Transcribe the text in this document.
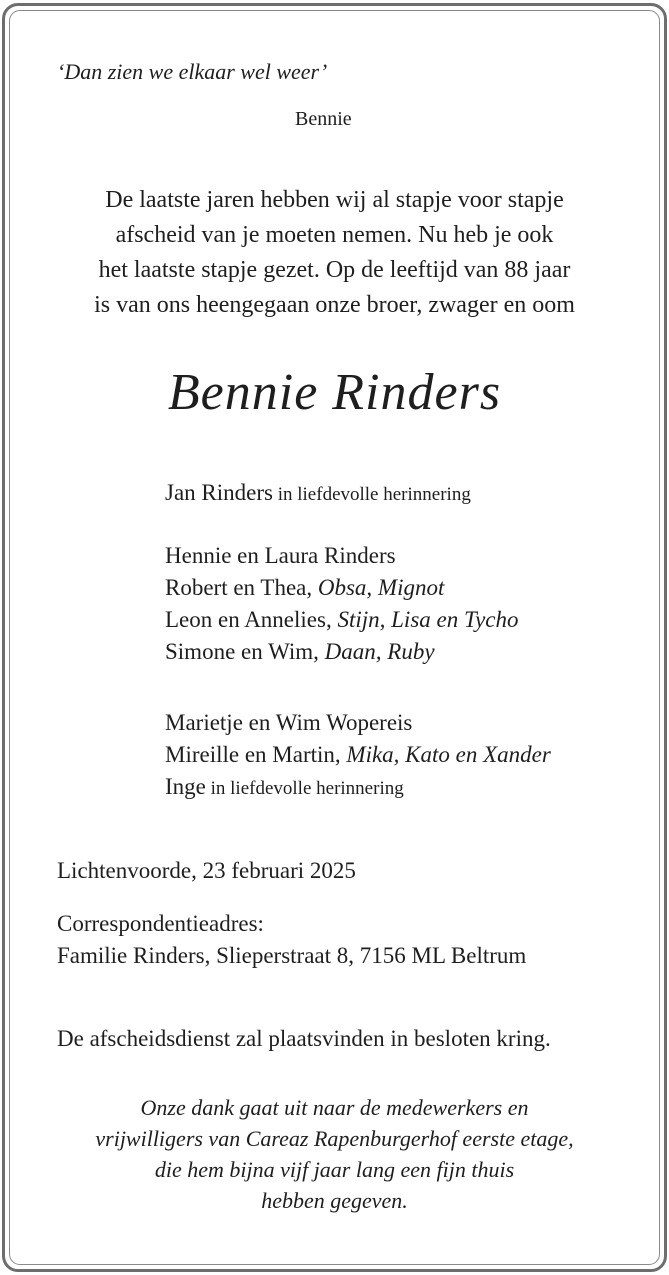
‘Dan zien we elkaar wel weer’
Bennie
De laatste jaren hebben wij al stapje voor stapje
afscheid van je moeten nemen. Nu heb je ook
het laatste stapje gezet. Op de leeftijd van 88 jaar
is van ons heengegaan onze broer, zwager en oom
Bennie Rinders
Jan Rinders in liefdevolle herinnering
Hennie en Laura Rinders
Robert en Thea, Obsa, Mignot
Leon en Annelies, Stijn, Lisa en Tycho
Simone en Wim, Daan, Ruby
Marietje en Wim Wopereis
Mireille en Martin, Mika, Kato en Xander
Inge in liefdevolle herinnering
Lichtenvoorde, 23 februari 2025
Correspondentieadres:
Familie Rinders, Slieperstraat 8, 7156 ML Beltrum
De afscheidsdienst zal plaatsvinden in besloten kring.
Onze dank gaat uit naar de medewerkers en
vrijwilligers van Careaz Rapenburgerhof eerste etage,
die hem bijna vijf jaar lang een fijn thuis
hebben gegeven.
